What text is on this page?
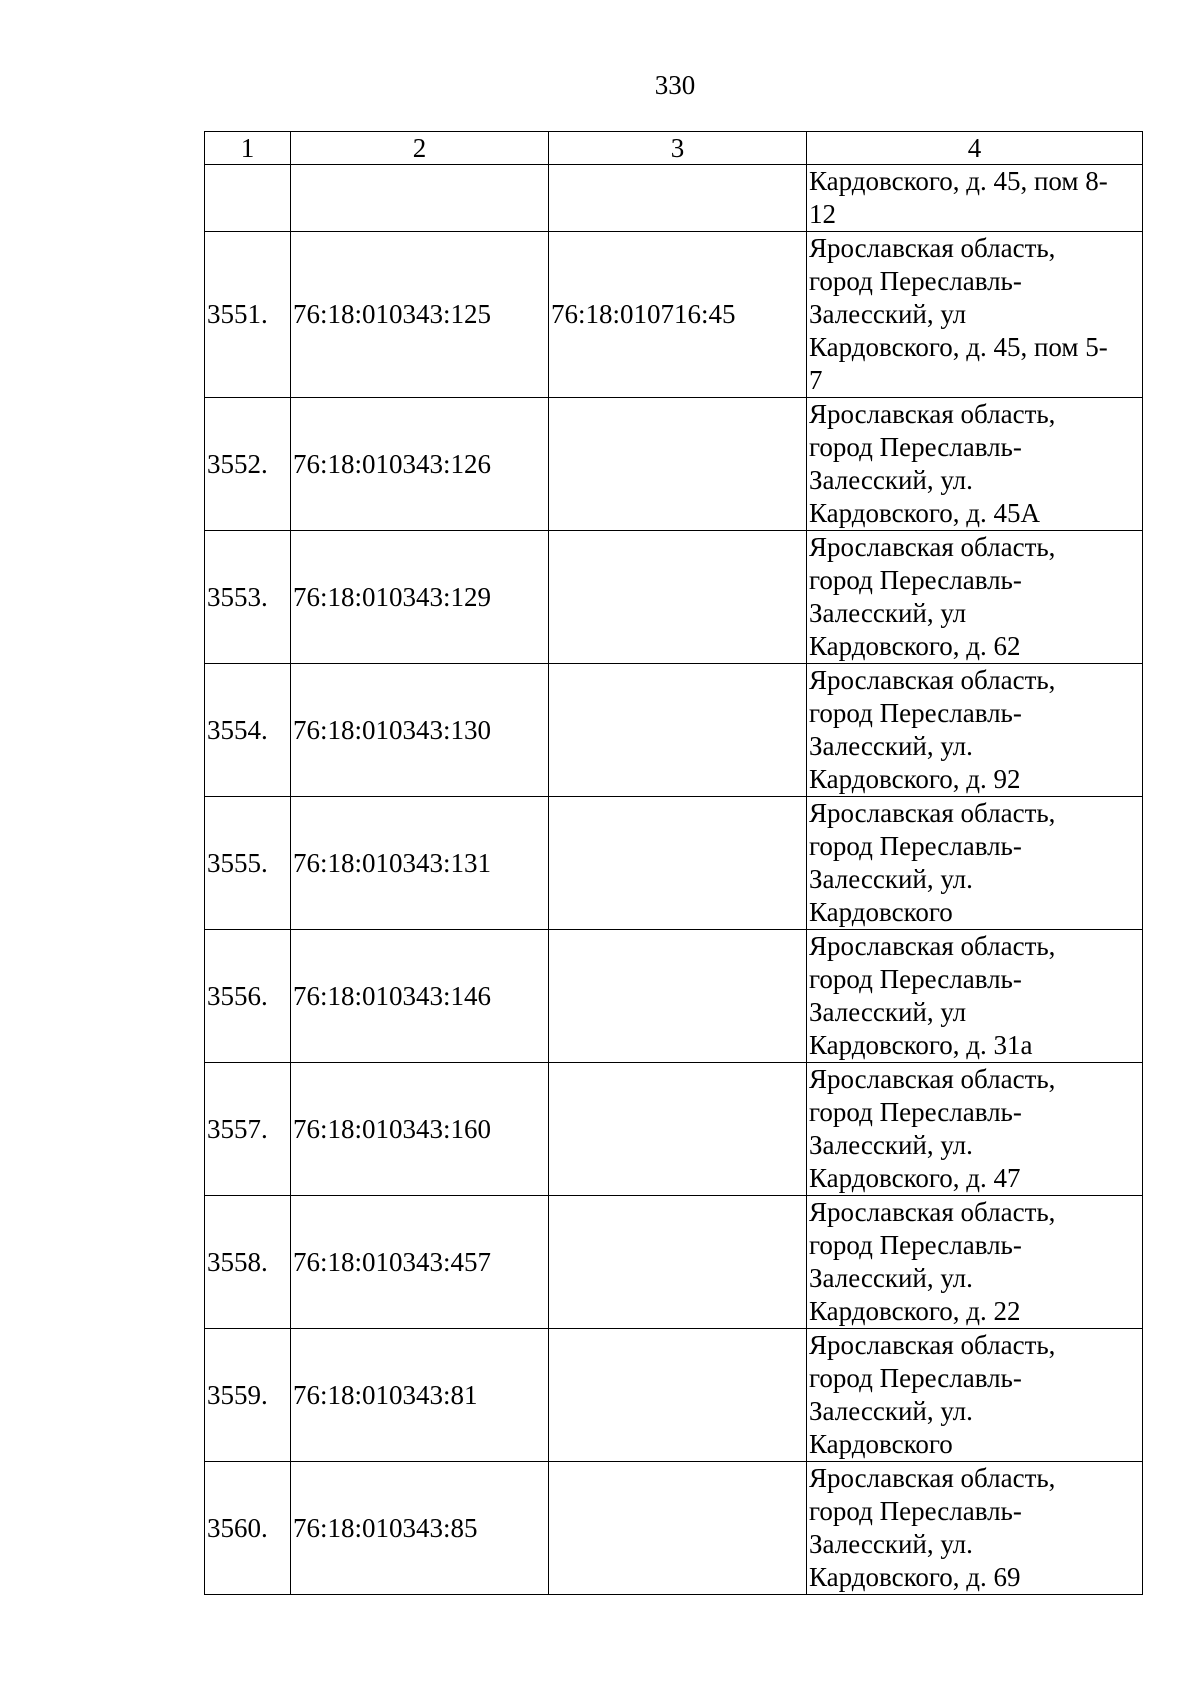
330
1	2	3	4

			Кардовского, д. 45, пом 8-
12

3551.	76:18:010343:125	76:18:010716:45	Ярославская область,
город Переславль-
Залесский, ул
Кардовского, д. 45, пом 5-
7

3552.	76:18:010343:126		Ярославская область,
город Переславль-
Залесский, ул.
Кардовского, д. 45А

3553.	76:18:010343:129		Ярославская область,
город Переславль-
Залесский, ул
Кардовского, д. 62

3554.	76:18:010343:130		Ярославская область,
город Переславль-
Залесский, ул.
Кардовского, д. 92

3555.	76:18:010343:131		Ярославская область,
город Переславль-
Залесский, ул.
Кардовского

3556.	76:18:010343:146		Ярославская область,
город Переславль-
Залесский, ул
Кардовского, д. 31а

3557.	76:18:010343:160		Ярославская область,
город Переславль-
Залесский, ул.
Кардовского, д. 47

3558.	76:18:010343:457		Ярославская область,
город Переславль-
Залесский, ул.
Кардовского, д. 22

3559.	76:18:010343:81		Ярославская область,
город Переславль-
Залесский, ул.
Кардовского

3560.	76:18:010343:85		Ярославская область,
город Переславль-
Залесский, ул.
Кардовского, д. 69
